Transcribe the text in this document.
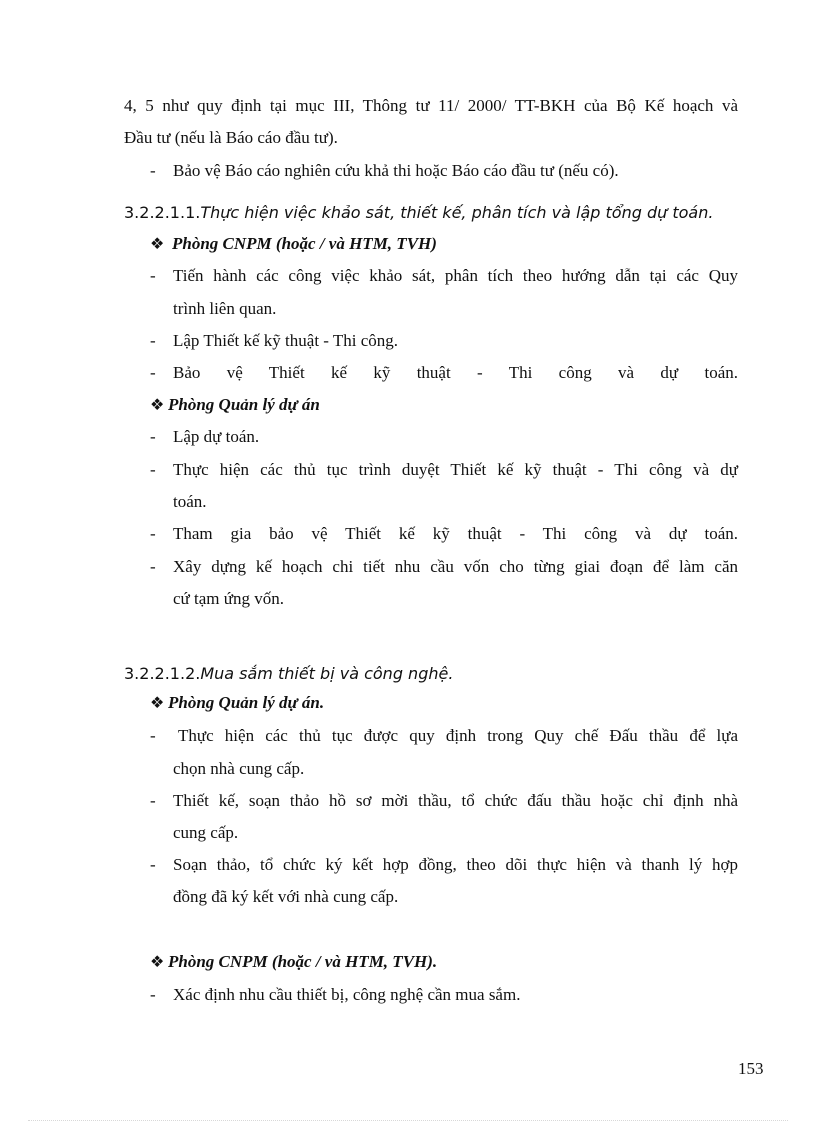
4, 5 như quy định tại mục III, Thông tư 11/ 2000/ TT-BKH của Bộ Kế hoạch và
Đầu tư (nếu là Báo cáo đầu tư).
- Bảo vệ Báo cáo nghiên cứu khả thi hoặc Báo cáo đầu tư (nếu có).
3.2.2.1.1.Thực hiện việc khảo sát, thiết kế, phân tích và lập tổng dự toán.
❖ Phòng CNPM (hoặc / và HTM, TVH)
- Tiến hành các công việc khảo sát, phân tích theo hướng dẫn tại các Quy
trình liên quan.
- Lập Thiết kế kỹ thuật - Thi công.
- Bảo vệ Thiết kế kỹ thuật - Thi công và dự toán.
❖ Phòng Quản lý dự án
- Lập dự toán.
- Thực hiện các thủ tục trình duyệt Thiết kế kỹ thuật - Thi công và dự
toán.
- Tham gia bảo vệ Thiết kế kỹ thuật - Thi công và dự toán.
- Xây dựng kế hoạch chi tiết nhu cầu vốn cho từng giai đoạn để làm căn
cứ tạm ứng vốn.
3.2.2.1.2.Mua sắm thiết bị và công nghệ.
❖ Phòng Quản lý dự án.
- Thực hiện các thủ tục được quy định trong Quy chế Đấu thầu để lựa
chọn nhà cung cấp.
- Thiết kế, soạn thảo hồ sơ mời thầu, tổ chức đấu thầu hoặc chỉ định nhà
cung cấp.
- Soạn thảo, tổ chức ký kết hợp đồng, theo dõi thực hiện và thanh lý hợp
đồng đã ký kết với nhà cung cấp.
❖ Phòng CNPM (hoặc / và HTM, TVH).
- Xác định nhu cầu thiết bị, công nghệ cần mua sắm.
153
